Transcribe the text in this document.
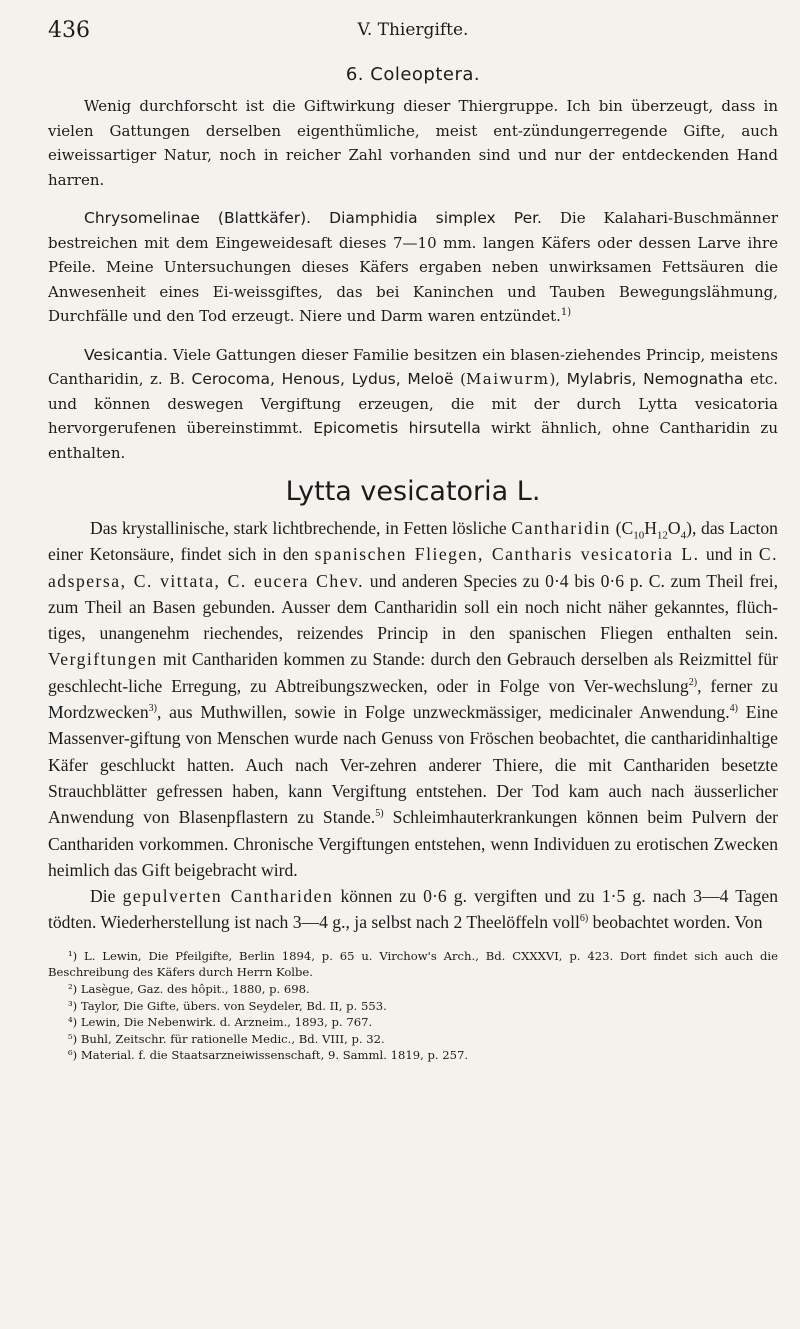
436	V. Thiergifte.
6. Coleoptera.

Wenig durchforscht ist die Giftwirkung dieser Thiergruppe. Ich bin überzeugt, dass in vielen Gattungen derselben eigenthümliche, meist ent-zündungerregende Gifte, auch eiweissartiger Natur, noch in reicher Zahl vorhanden sind und nur der entdeckenden Hand harren.

Chrysomelinae (Blattkäfer). Diamphidia simplex Per. Die Kalahari-Buschmänner bestreichen mit dem Eingeweidesaft dieses 7—10 mm. langen Käfers oder dessen Larve ihre Pfeile. Meine Untersuchungen dieses Käfers ergaben neben unwirksamen Fettsäuren die Anwesenheit eines Ei-weissgiftes, das bei Kaninchen und Tauben Bewegungslähmung, Durchfälle und den Tod erzeugt. Niere und Darm waren entzündet.$^{1)}$

Vesicantia. Viele Gattungen dieser Familie besitzen ein blasen-ziehendes Princip, meistens Cantharidin, z. B. Cerocoma, Henous, Lydus, Meloë (Maiwurm), Mylabris, Nemognatha etc. und können deswegen Vergiftung erzeugen, die mit der durch Lytta vesicatoria hervorgerufenen übereinstimmt. Epicometis hirsutella wirkt ähnlich, ohne Cantharidin zu enthalten.

Lytta vesicatoria L.

Das krystallinische, stark lichtbrechende, in Fetten lösliche Cantharidin $(C_{10}H_{12}O_4)$, das Lacton einer Ketonsäure, findet sich in den spanischen Fliegen, Cantharis vesicatoria L. und in C. adspersa, C. vittata, C. eucera Chev. und anderen Species zu 0·4 bis 0·6 p. C. zum Theil frei, zum Theil an Basen gebunden. Ausser dem Cantharidin soll ein noch nicht näher gekanntes, flüch-tiges, unangenehm riechendes, reizendes Princip in den spanischen Fliegen enthalten sein. Vergiftungen mit Canthariden kommen zu Stande: durch den Gebrauch derselben als Reizmittel für geschlecht-liche Erregung, zu Abtreibungszwecken, oder in Folge von Ver-wechslung$^{2)}$, ferner zu Mordzwecken$^{3)}$, aus Muthwillen, sowie in Folge unzweckmässiger, medicinaler Anwendung.$^{4)}$ Eine Massenver-giftung von Menschen wurde nach Genuss von Fröschen beobachtet, die cantharidinhaltige Käfer geschluckt hatten. Auch nach Ver-zehren anderer Thiere, die mit Canthariden besetzte Strauchblätter gefressen haben, kann Vergiftung entstehen. Der Tod kam auch nach äusserlicher Anwendung von Blasenpflastern zu Stande.$^{5)}$ Schleimhauterkrankungen können beim Pulvern der Canthariden vorkommen. Chronische Vergiftungen entstehen, wenn Individuen zu erotischen Zwecken heimlich das Gift beigebracht wird.

Die gepulverten Canthariden können zu 0·6 g. vergiften und zu 1·5 g. nach 3—4 Tagen tödten. Wiederherstellung ist nach 3—4 g., ja selbst nach 2 Theelöffeln voll$^{6)}$ beobachtet worden. Von

¹) L. Lewin, Die Pfeilgifte, Berlin 1894, p. 65 u. Virchow's Arch., Bd. CXXXVI, p. 423. Dort findet sich auch die Beschreibung des Käfers durch Herrn Kolbe.
²) Lasègue, Gaz. des hôpit., 1880, p. 698.
³) Taylor, Die Gifte, übers. von Seydeler, Bd. II, p. 553.
⁴) Lewin, Die Nebenwirk. d. Arzneim., 1893, p. 767.
⁵) Buhl, Zeitschr. für rationelle Medic., Bd. VIII, p. 32.
⁶) Material. f. die Staatsarzneiwissenschaft, 9. Samml. 1819, p. 257.
